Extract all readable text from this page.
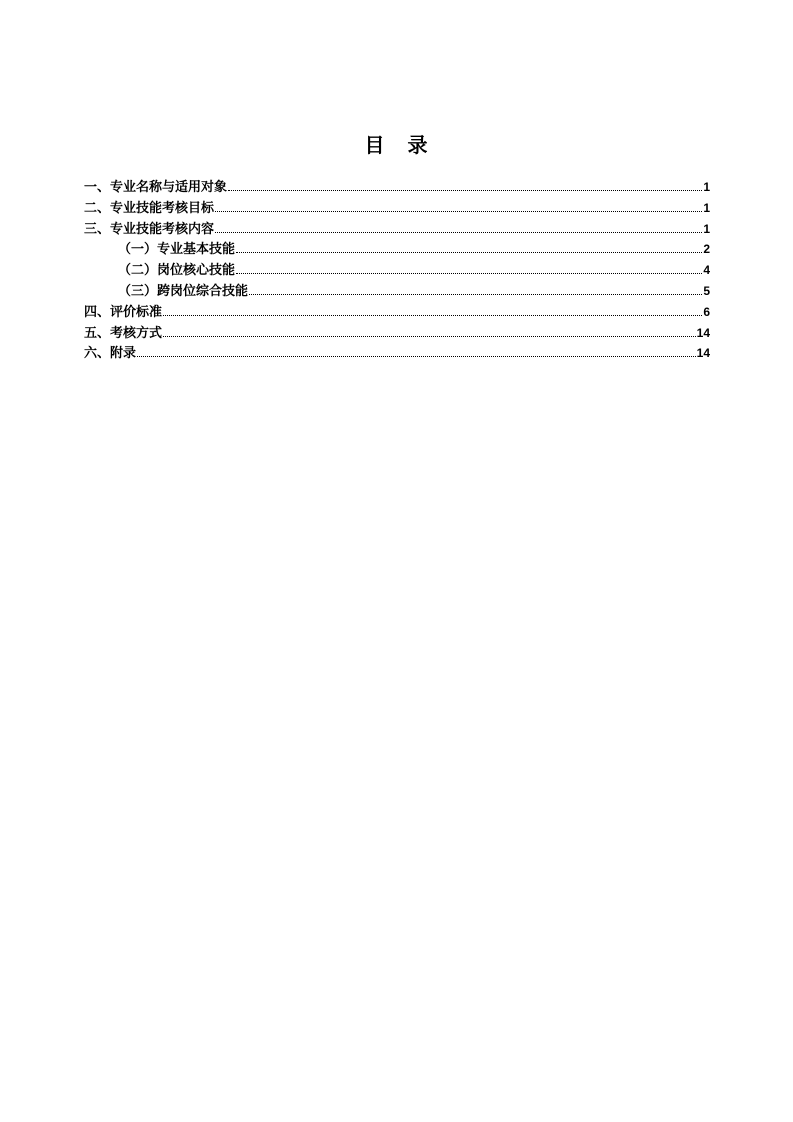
目 录
一、专业名称与适用对象	1
二、专业技能考核目标	1
三、专业技能考核内容	1
（一）专业基本技能	2
（二）岗位核心技能	4
（三）跨岗位综合技能	5
四、评价标准	6
五、考核方式	14
六、附录	14
